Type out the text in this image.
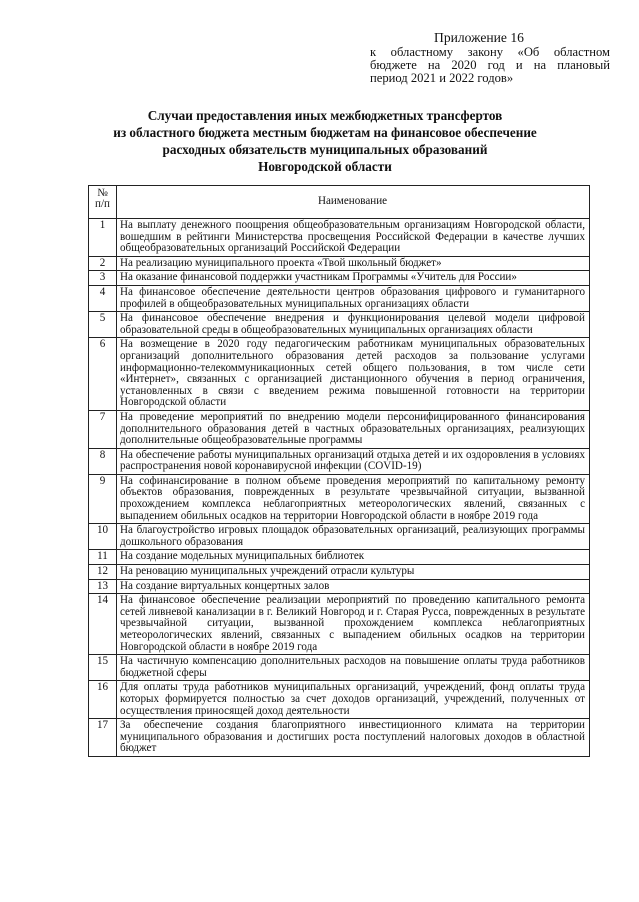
Приложение 16
к областному закону «Об областном
бюджете на 2020 год и на плановый
период 2021 и 2022 годов»
Случаи предоставления иных межбюджетных трансфертов
из областного бюджета местным бюджетам на финансовое обеспечение
расходных обязательств муниципальных образований
Новгородской области
№
п/п	Наименование
1	На выплату денежного поощрения общеобразовательным организациям Новгородской области, вошедшим в рейтинги Министерства просвещения Российской Федерации в качестве лучших общеобразовательных организаций Российской Федерации
2	На реализацию муниципального проекта «Твой школьный бюджет»
3	На оказание финансовой поддержки участникам Программы «Учитель для России»
4	На финансовое обеспечение деятельности центров образования цифрового и гуманитарного профилей в общеобразовательных муниципальных организациях области
5	На финансовое обеспечение внедрения и функционирования целевой модели цифровой образовательной среды в общеобразовательных муниципальных организациях области
6	На возмещение в 2020 году педагогическим работникам муниципальных образовательных организаций дополнительного образования детей расходов за пользование услугами информационно-телекоммуникационных сетей общего пользования, в том числе сети «Интернет», связанных с организацией дистанционного обучения в период ограничения, установленных в связи с введением режима повышенной готовности на территории Новгородской области
7	На проведение мероприятий по внедрению модели персонифицированного финансирования дополнительного образования детей в частных образовательных организациях, реализующих дополнительные общеобразовательные программы
8	На обеспечение работы муниципальных организаций отдыха детей и их оздоровления в условиях распространения новой коронавирусной инфекции (COVID-19)
9	На софинансирование в полном объеме проведения мероприятий по капитальному ремонту объектов образования, поврежденных в результате чрезвычайной ситуации, вызванной прохождением комплекса неблагоприятных метеорологических явлений, связанных с выпадением обильных осадков на территории Новгородской области в ноябре 2019 года
10	На благоустройство игровых площадок образовательных организаций, реализующих программы дошкольного образования
11	На создание модельных муниципальных библиотек
12	На реновацию муниципальных учреждений отрасли культуры
13	На создание виртуальных концертных залов
14	На финансовое обеспечение реализации мероприятий по проведению капитального ремонта сетей ливневой канализации в г. Великий Новгород и г. Старая Русса, поврежденных в результате чрезвычайной ситуации, вызванной прохождением комплекса неблагоприятных метеорологических явлений, связанных с выпадением обильных осадков на территории Новгородской области в ноябре 2019 года
15	На частичную компенсацию дополнительных расходов на повышение оплаты труда работников бюджетной сферы
16	Для оплаты труда работников муниципальных организаций, учреждений, фонд оплаты труда которых формируется полностью за счет доходов организаций, учреждений, полученных от осуществления приносящей доход деятельности
17	За обеспечение создания благоприятного инвестиционного климата на территории муниципального образования и достигших роста поступлений налоговых доходов в областной бюджет
